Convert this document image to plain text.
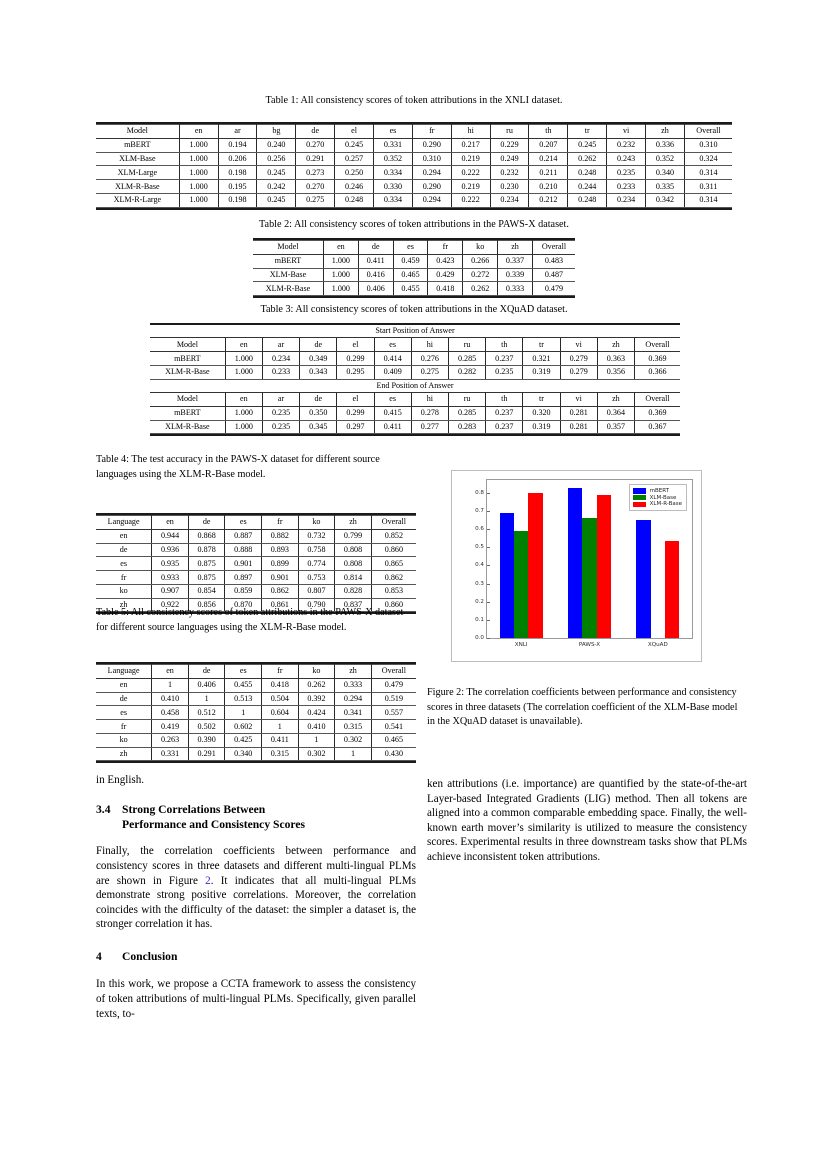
Table 1: All consistency scores of token attributions in the XNLI dataset.
Model	en	ar	bg	de	el	es	fr	hi	ru	th	tr	vi	zh	Overall
mBERT	1.000	0.194	0.240	0.270	0.245	0.331	0.290	0.217	0.229	0.207	0.245	0.232	0.336	0.310
XLM-Base	1.000	0.206	0.256	0.291	0.257	0.352	0.310	0.219	0.249	0.214	0.262	0.243	0.352	0.324
XLM-Large	1.000	0.198	0.245	0.273	0.250	0.334	0.294	0.222	0.232	0.211	0.248	0.235	0.340	0.314
XLM-R-Base	1.000	0.195	0.242	0.270	0.246	0.330	0.290	0.219	0.230	0.210	0.244	0.233	0.335	0.311
XLM-R-Large	1.000	0.198	0.245	0.275	0.248	0.334	0.294	0.222	0.234	0.212	0.248	0.234	0.342	0.314
Table 2: All consistency scores of token attributions in the PAWS-X dataset.
Model	en	de	es	fr	ko	zh	Overall
mBERT	1.000	0.411	0.459	0.423	0.266	0.337	0.483
XLM-Base	1.000	0.416	0.465	0.429	0.272	0.339	0.487
XLM-R-Base	1.000	0.406	0.455	0.418	0.262	0.333	0.479
Table 3: All consistency scores of token attributions in the XQuAD dataset.
Start Position of Answer												
Model	en	ar	de	el	es	hi	ru	th	tr	vi	zh	Overall
mBERT	1.000	0.234	0.349	0.299	0.414	0.276	0.285	0.237	0.321	0.279	0.363	0.369
XLM-R-Base	1.000	0.233	0.343	0.295	0.409	0.275	0.282	0.235	0.319	0.279	0.356	0.366
End Position of Answer												
Model	en	ar	de	el	es	hi	ru	th	tr	vi	zh	Overall
mBERT	1.000	0.235	0.350	0.299	0.415	0.278	0.285	0.237	0.320	0.281	0.364	0.369
XLM-R-Base	1.000	0.235	0.345	0.297	0.411	0.277	0.283	0.237	0.319	0.281	0.357	0.367
Table 4: The test accuracy in the PAWS-X dataset for different source languages using the XLM-R-Base model.
Language	en	de	es	fr	ko	zh	Overall
en	0.944	0.868	0.887	0.882	0.732	0.799	0.852
de	0.936	0.878	0.888	0.893	0.758	0.808	0.860
es	0.935	0.875	0.901	0.899	0.774	0.808	0.865
fr	0.933	0.875	0.897	0.901	0.753	0.814	0.862
ko	0.907	0.854	0.859	0.862	0.807	0.828	0.853
zh	0.922	0.856	0.870	0.861	0.790	0.837	0.860
Table 5: All consistency scores of token attributions in the PAWS-X dataset for different source languages using the XLM-R-Base model.
Language	en	de	es	fr	ko	zh	Overall
en	1	0.406	0.455	0.418	0.262	0.333	0.479
de	0.410	1	0.513	0.504	0.392	0.294	0.519
es	0.458	0.512	1	0.604	0.424	0.341	0.557
fr	0.419	0.502	0.602	1	0.410	0.315	0.541
ko	0.263	0.390	0.425	0.411	1	0.302	0.465
zh	0.331	0.291	0.340	0.315	0.302	1	0.430
mBERT
XLM-Base
XLM-R-Base
0.0
0.1
0.2
0.3
0.4
0.5
0.6
0.7
0.8
XNLI	PAWS-X	XQuAD
Figure 2: The correlation coefficients between performance and consistency scores in three datasets (The correlation coefficient of the XLM-Base model in the XQuAD dataset is unavailable).

in English.

3.4 Strong Correlations Between
Performance and Consistency Scores

Finally, the correlation coefficients between performance and consistency scores in three datasets and different multi-lingual PLMs are shown in Figure 2. It indicates that all multi-lingual PLMs demonstrate strong positive correlations. Moreover, the correlation coincides with the difficulty of the dataset: the simpler a dataset is, the stronger correlation it has.

4 Conclusion

In this work, we propose a CCTA framework to assess the consistency of token attributions of multi-lingual PLMs. Specifically, given parallel texts, to-

ken attributions (i.e. importance) are quantified by the state-of-the-art Layer-based Integrated Gradients (LIG) method. Then all tokens are aligned into a common comparable embedding space. Finally, the well-known earth mover’s similarity is utilized to measure the consistency scores. Experimental results in three downstream tasks show that PLMs achieve inconsistent token attributions.
